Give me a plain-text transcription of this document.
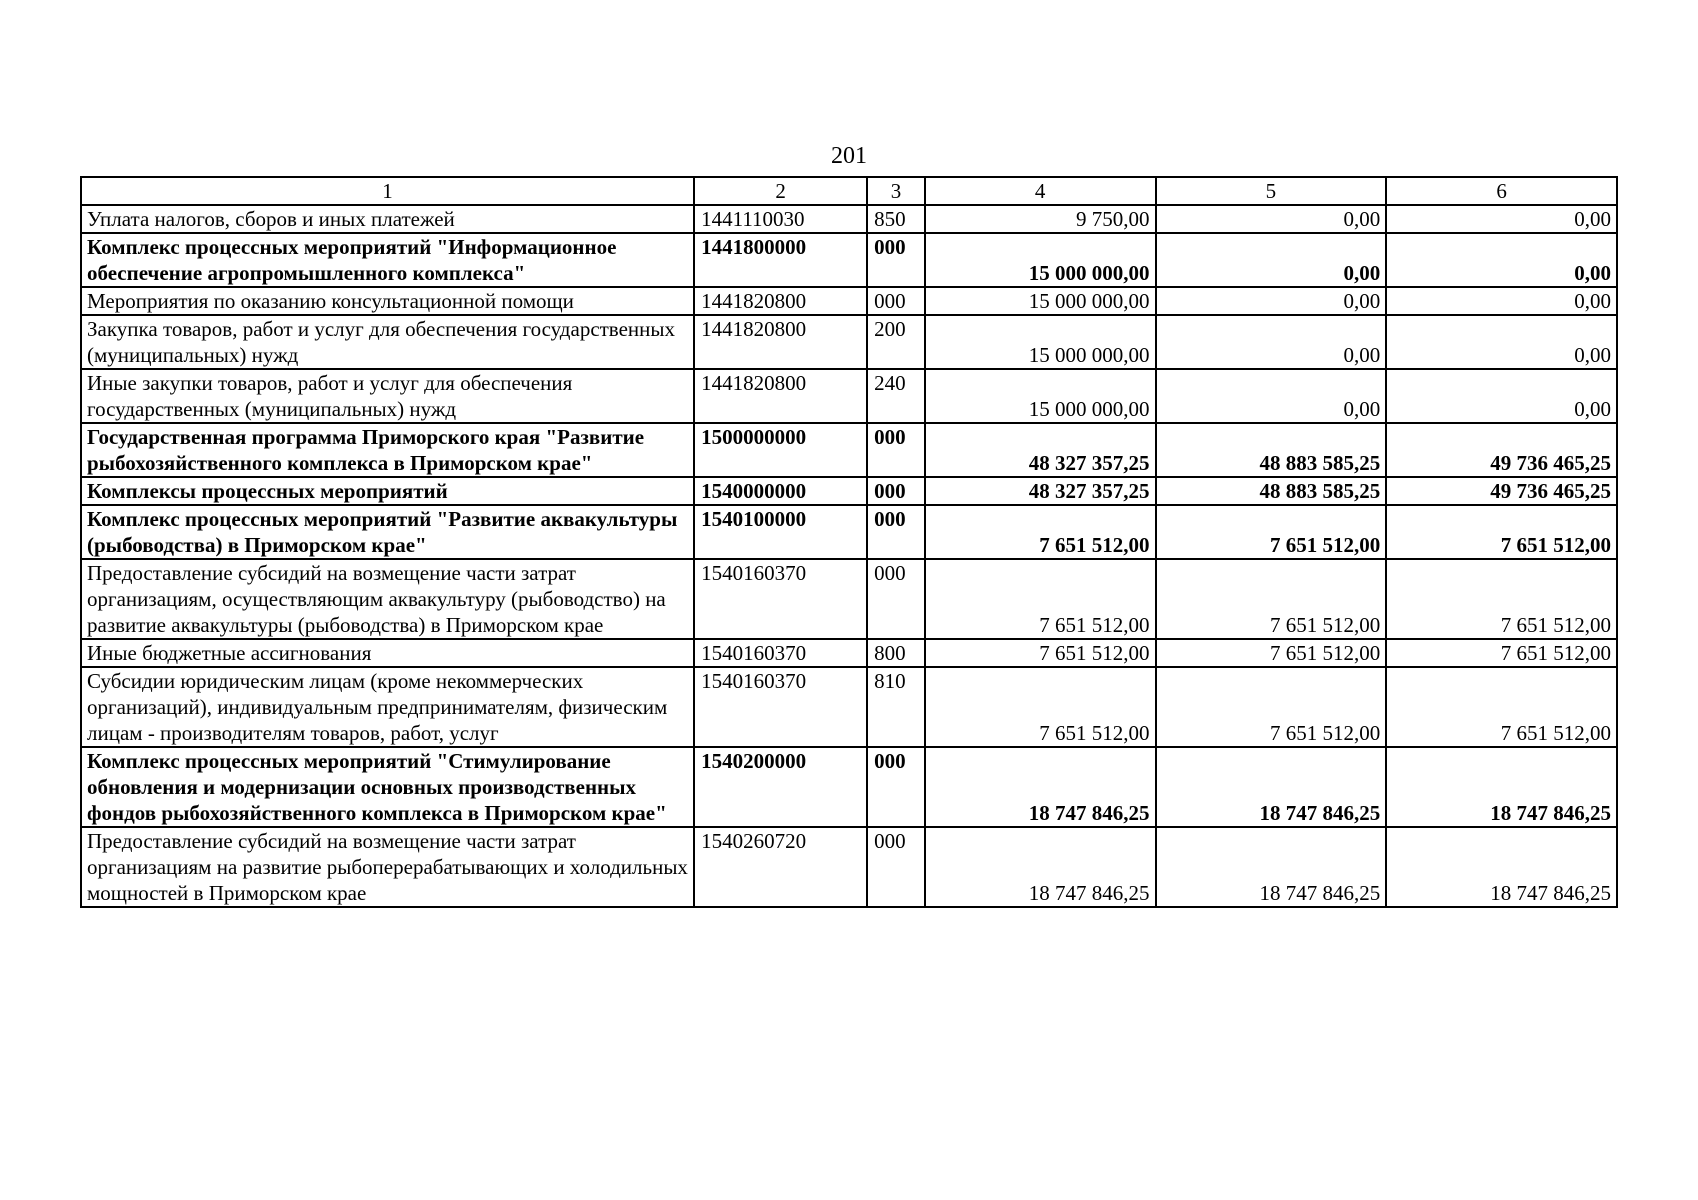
201
1	2	3	4	5	6
Уплата налогов, сборов и иных платежей	1441110030	850	9 750,00	0,00	0,00
Комплекс процессных мероприятий "Информационное обеспечение агропромышленного комплекса"	1441800000	000	15 000 000,00	0,00	0,00
Мероприятия по оказанию консультационной помощи	1441820800	000	15 000 000,00	0,00	0,00
Закупка товаров, работ и услуг для обеспечения государственных (муниципальных) нужд	1441820800	200	15 000 000,00	0,00	0,00
Иные закупки товаров, работ и услуг для обеспечения государственных (муниципальных) нужд	1441820800	240	15 000 000,00	0,00	0,00
Государственная программа Приморского края "Развитие рыбохозяйственного комплекса в Приморском крае"	1500000000	000	48 327 357,25	48 883 585,25	49 736 465,25
Комплексы процессных мероприятий	1540000000	000	48 327 357,25	48 883 585,25	49 736 465,25
Комплекс процессных мероприятий "Развитие аквакультуры (рыбоводства) в Приморском крае"	1540100000	000	7 651 512,00	7 651 512,00	7 651 512,00
Предоставление субсидий на возмещение части затрат организациям, осуществляющим аквакультуру (рыбоводство) на развитие аквакультуры (рыбоводства) в Приморском крае	1540160370	000	7 651 512,00	7 651 512,00	7 651 512,00
Иные бюджетные ассигнования	1540160370	800	7 651 512,00	7 651 512,00	7 651 512,00
Субсидии юридическим лицам (кроме некоммерческих организаций), индивидуальным предпринимателям, физическим лицам - производителям товаров, работ, услуг	1540160370	810	7 651 512,00	7 651 512,00	7 651 512,00
Комплекс процессных мероприятий "Стимулирование обновления и модернизации основных производственных фондов рыбохозяйственного комплекса в Приморском крае"	1540200000	000	18 747 846,25	18 747 846,25	18 747 846,25
Предоставление субсидий на возмещение части затрат организациям на развитие рыбоперерабатывающих и холодильных мощностей в Приморском крае	1540260720	000	18 747 846,25	18 747 846,25	18 747 846,25
